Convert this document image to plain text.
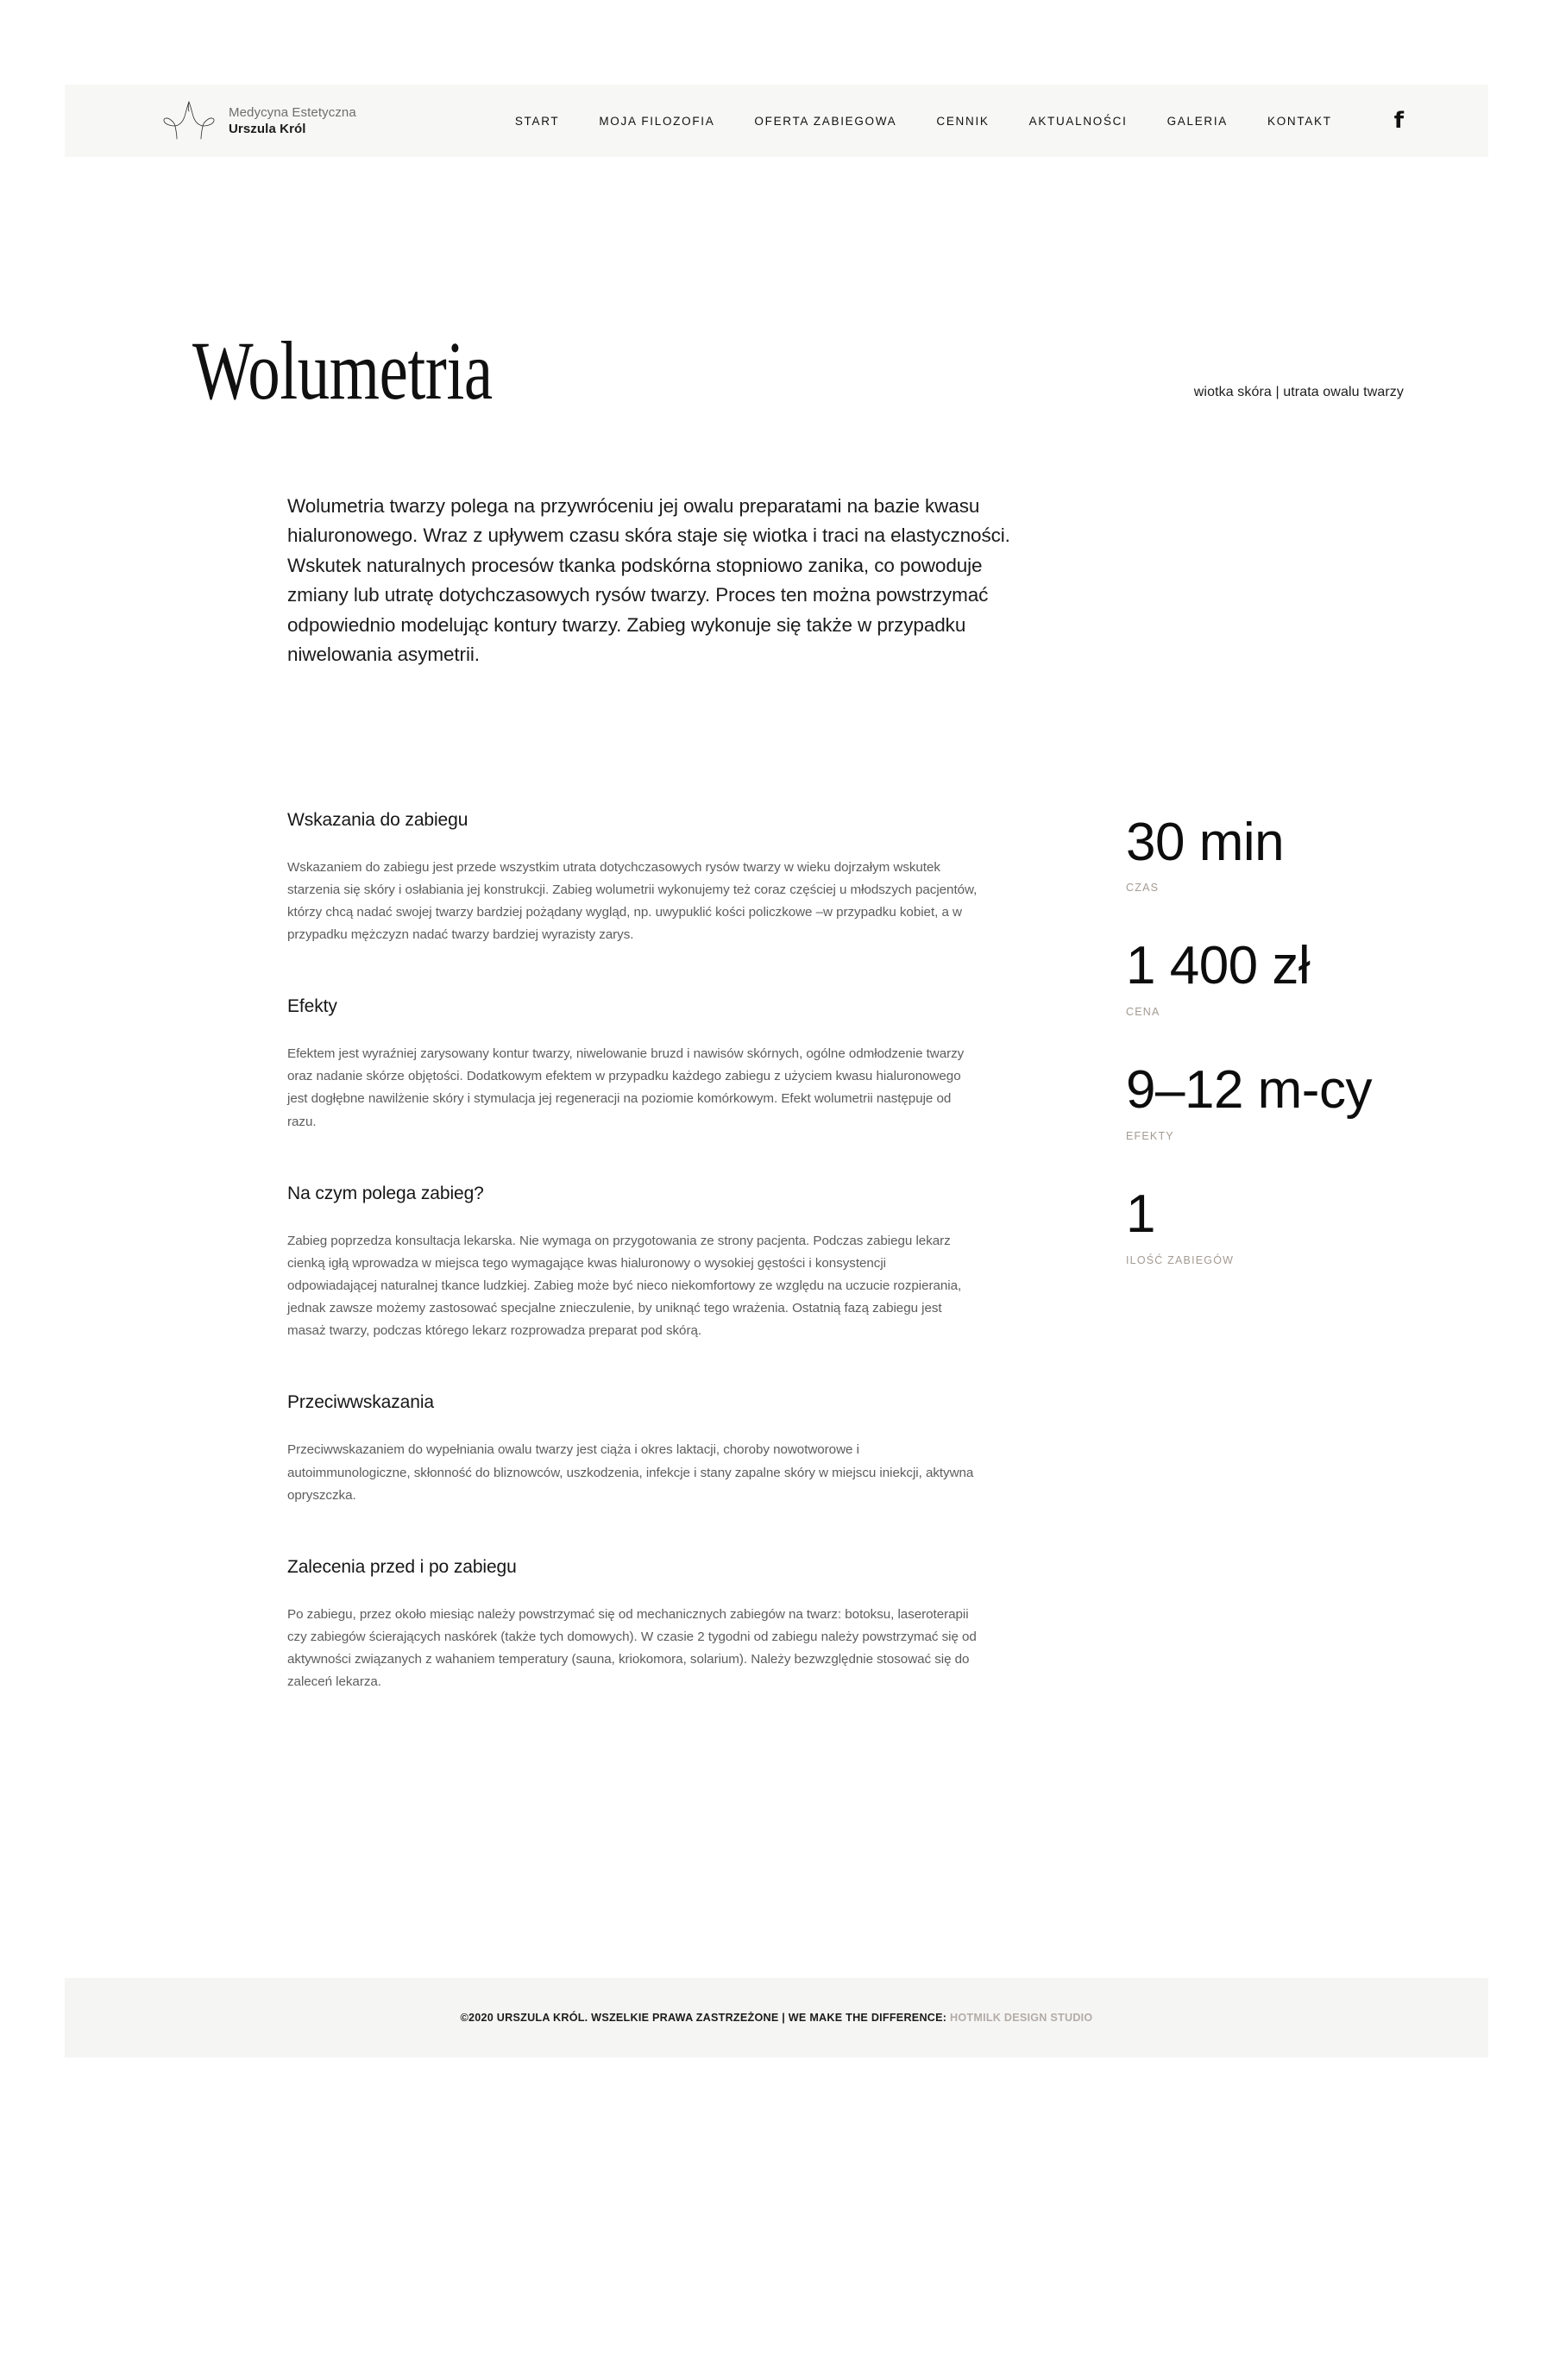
Medycyna Estetyczna
Urszula Król
START	MOJA FILOZOFIA	OFERTA ZABIEGOWA	CENNIK	AKTUALNOŚCI	GALERIA	KONTAKT	f
Wolumetria	wiotka skóra | utrata owalu twarzy

Wolumetria twarzy polega na przywróceniu jej owalu preparatami na bazie kwasu hialuronowego. Wraz z upływem czasu skóra staje się wiotka i traci na elastyczności. Wskutek naturalnych procesów tkanka podskórna stopniowo zanika, co powoduje zmiany lub utratę dotychczasowych rysów twarzy. Proces ten można powstrzymać odpowiednio modelując kontury twarzy. Zabieg wykonuje się także w przypadku niwelowania asymetrii.

Wskazania do zabiegu

Wskazaniem do zabiegu jest przede wszystkim utrata dotychczasowych rysów twarzy w wieku dojrzałym wskutek starzenia się skóry i osłabiania jej konstrukcji. Zabieg wolumetrii wykonujemy też coraz częściej u młodszych pacjentów, którzy chcą nadać swojej twarzy bardziej pożądany wygląd, np. uwypuklić kości policzkowe –w przypadku kobiet, a w przypadku mężczyzn nadać twarzy bardziej wyrazisty zarys.

Efekty

Efektem jest wyraźniej zarysowany kontur twarzy, niwelowanie bruzd i nawisów skórnych, ogólne odmłodzenie twarzy oraz nadanie skórze objętości. Dodatkowym efektem w przypadku każdego zabiegu z użyciem kwasu hialuronowego jest dogłębne nawilżenie skóry i stymulacja jej regeneracji na poziomie komórkowym. Efekt wolumetrii następuje od razu.

Na czym polega zabieg?

Zabieg poprzedza konsultacja lekarska. Nie wymaga on przygotowania ze strony pacjenta. Podczas zabiegu lekarz cienką igłą wprowadza w miejsca tego wymagające kwas hialuronowy o wysokiej gęstości i konsystencji odpowiadającej naturalnej tkance ludzkiej. Zabieg może być nieco niekomfortowy ze względu na uczucie rozpierania, jednak zawsze możemy zastosować specjalne znieczulenie, by uniknąć tego wrażenia. Ostatnią fazą zabiegu jest masaż twarzy, podczas którego lekarz rozprowadza preparat pod skórą.

Przeciwwskazania

Przeciwwskazaniem do wypełniania owalu twarzy jest ciąża i okres laktacji, choroby nowotworowe i autoimmunologiczne, skłonność do bliznowców, uszkodzenia, infekcje i stany zapalne skóry w miejscu iniekcji, aktywna opryszczka.

Zalecenia przed i po zabiegu

Po zabiegu, przez około miesiąc należy powstrzymać się od mechanicznych zabiegów na twarz: botoksu, laseroterapii czy zabiegów ścierających naskórek (także tych domowych). W czasie 2 tygodni od zabiegu należy powstrzymać się od aktywności związanych z wahaniem temperatury (sauna, kriokomora, solarium). Należy bezwzględnie stosować się do zaleceń lekarza.

30 min
CZAS
1 400 zł
CENA
9–12 m-cy
EFEKTY
1
ILOŚĆ ZABIEGÓW
©2020 URSZULA KRÓL. WSZELKIE PRAWA ZASTRZEŻONE | WE MAKE THE DIFFERENCE: HOTMILK DESIGN STUDIO
